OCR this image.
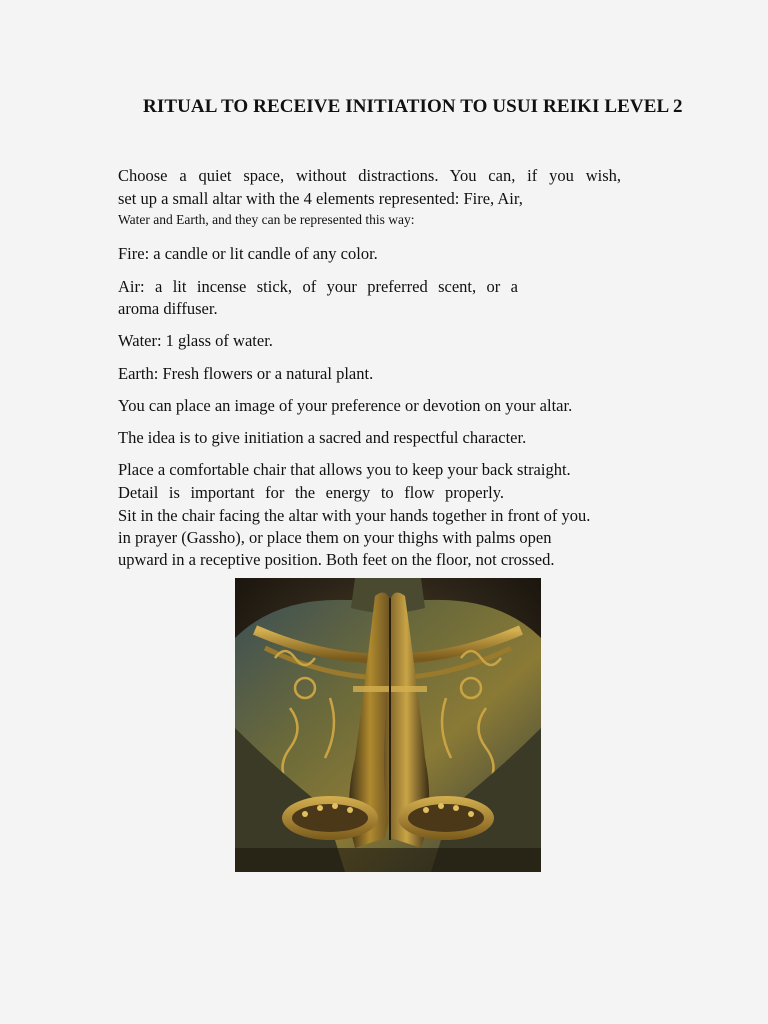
RITUAL TO RECEIVE INITIATION TO USUI REIKI LEVEL 2
Choose a quiet space, without distractions. You can, if you wish,
set up a small altar with the 4 elements represented: Fire, Air,
Water and Earth, and they can be represented this way:
Fire: a candle or lit candle of any color.
Air: a lit incense stick, of your preferred scent, or a
aroma diffuser.
Water: 1 glass of water.
Earth: Fresh flowers or a natural plant.
You can place an image of your preference or devotion on your altar.
The idea is to give initiation a sacred and respectful character.
Place a comfortable chair that allows you to keep your back straight.
Detail is important for the energy to flow properly.
Sit in the chair facing the altar with your hands together in front of you.
in prayer (Gassho), or place them on your thighs with palms open
upward in a receptive position. Both feet on the floor, not crossed.
